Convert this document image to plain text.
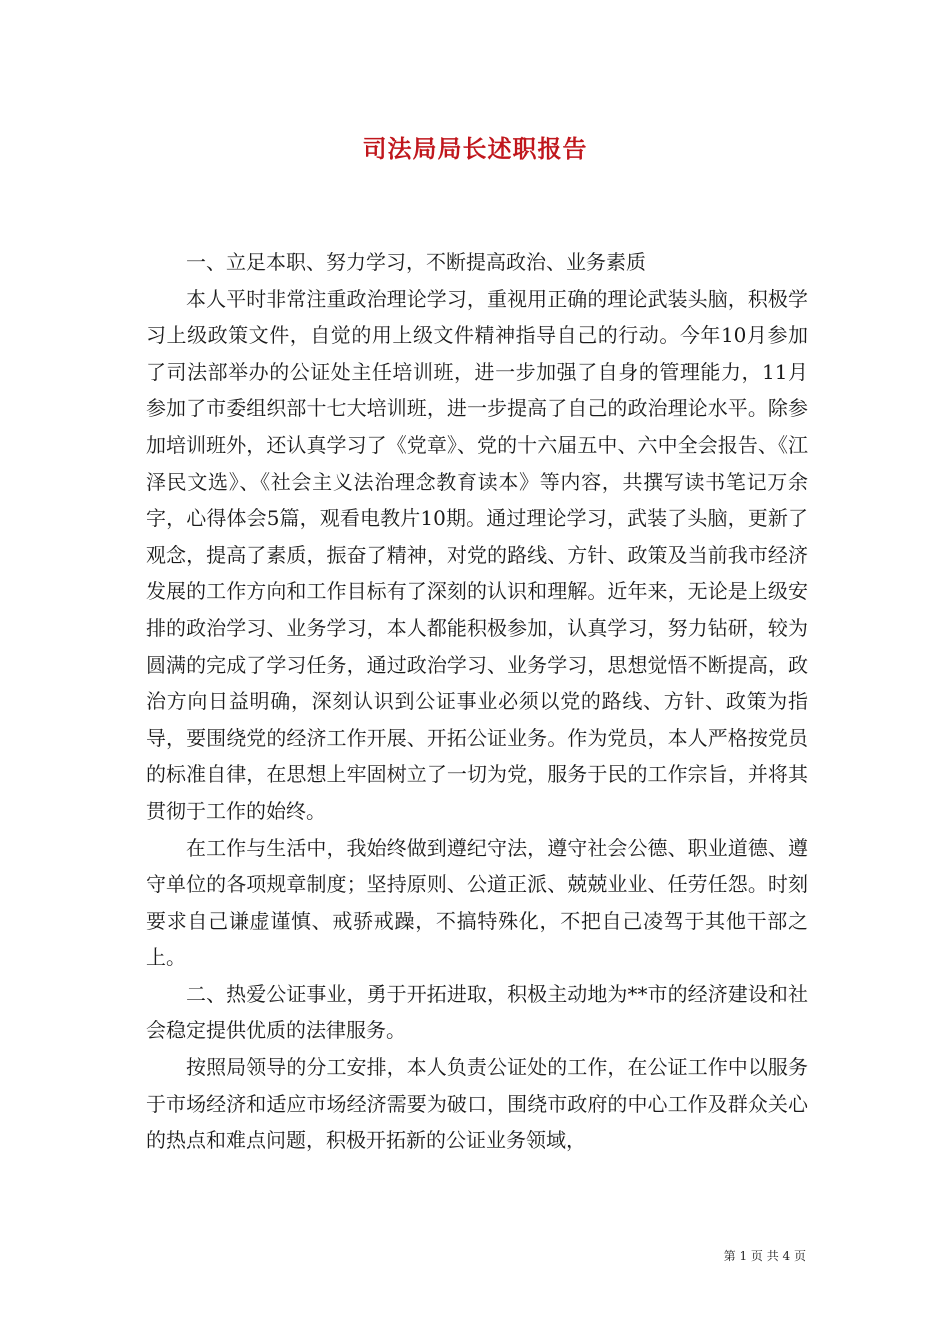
司法局局长述职报告

一、立足本职、努力学习，不断提高政治、业务素质

本人平时非常注重政治理论学习，重视用正确的理论武装头脑，积极学习上级政策文件，自觉的用上级文件精神指导自己的行动。今年10月参加了司法部举办的公证处主任培训班，进一步加强了自身的管理能力，11月参加了市委组织部十七大培训班，进一步提高了自己的政治理论水平。除参加培训班外，还认真学习了《党章》、党的十六届五中、六中全会报告、《江泽民文选》、《社会主义法治理念教育读本》等内容，共撰写读书笔记万余字，心得体会5篇，观看电教片10期。通过理论学习，武装了头脑，更新了观念，提高了素质，振奋了精神，对党的路线、方针、政策及当前我市经济发展的工作方向和工作目标有了深刻的认识和理解。近年来，无论是上级安排的政治学习、业务学习，本人都能积极参加，认真学习，努力钻研，较为圆满的完成了学习任务，通过政治学习、业务学习，思想觉悟不断提高，政治方向日益明确，深刻认识到公证事业必须以党的路线、方针、政策为指导，要围绕党的经济工作开展、开拓公证业务。作为党员，本人严格按党员的标准自律，在思想上牢固树立了一切为党，服务于民的工作宗旨，并将其贯彻于工作的始终。

在工作与生活中，我始终做到遵纪守法，遵守社会公德、职业道德、遵守单位的各项规章制度；坚持原则、公道正派、兢兢业业、任劳任怨。时刻要求自己谦虚谨慎、戒骄戒躁，不搞特殊化，不把自己凌驾于其他干部之上。

二、热爱公证事业，勇于开拓进取，积极主动地为**市的经济建设和社会稳定提供优质的法律服务。

按照局领导的分工安排，本人负责公证处的工作，在公证工作中以服务于市场经济和适应市场经济需要为破口，围绕市政府的中心工作及群众关心的热点和难点问题，积极开拓新的公证业务领域，

第 1 页 共 4 页
